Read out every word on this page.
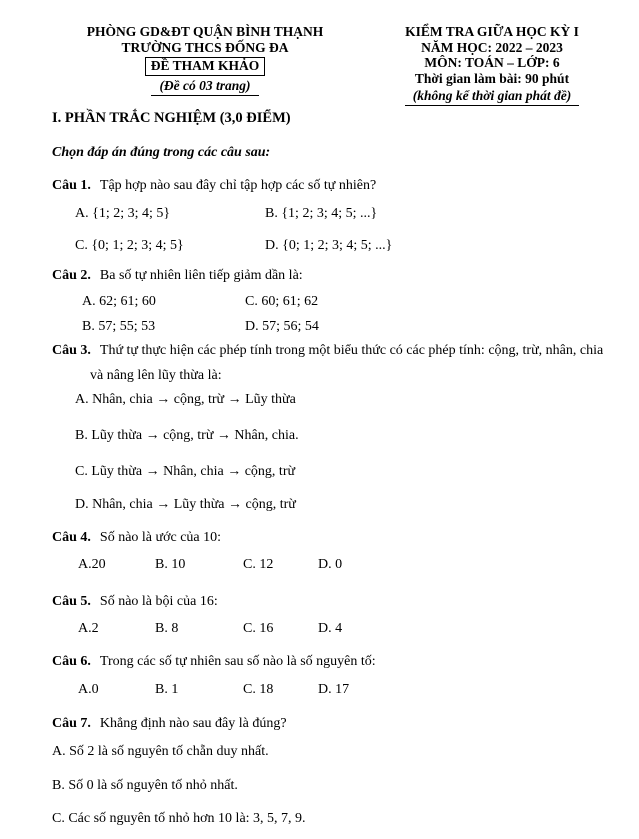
PHÒNG GD&ĐT QUẬN BÌNH THẠNH
TRƯỜNG THCS ĐỐNG ĐA
ĐỀ THAM KHẢO
(Đề có 03 trang)
KIỂM TRA GIỮA HỌC KỲ I
NĂM HỌC: 2022 – 2023
MÔN: TOÁN – LỚP: 6
Thời gian làm bài: 90 phút
(không kể thời gian phát đề)

I. PHẦN TRẮC NGHIỆM (3,0 ĐIỂM)

Chọn đáp án đúng trong các câu sau:

Câu 1. Tập hợp nào sau đây chỉ tập hợp các số tự nhiên?

A. {1; 2; 3; 4; 5}	B. {1; 2; 3; 4; 5; ...}
C. {0; 1; 2; 3; 4; 5}	D. {0; 1; 2; 3; 4; 5; ...}

Câu 2. Ba số tự nhiên liên tiếp giảm dần là:

A. 62; 61; 60	C. 60; 61; 62
B. 57; 55; 53	D. 57; 56; 54
Câu 3. Thứ tự thực hiện các phép tính trong một biểu thức có các phép tính: cộng, trừ, nhân, chia
và nâng lên lũy thừa là:
A. Nhân, chia → cộng, trừ → Lũy thừa
B. Lũy thừa → cộng, trừ → Nhân, chia.
C. Lũy thừa → Nhân, chia → cộng, trừ
D. Nhân, chia → Lũy thừa → cộng, trừ

Câu 4. Số nào là ước của 10:

A.20	B. 10	C. 12	D. 0

Câu 5. Số nào là bội của 16:

A.2	B. 8	C. 16	D. 4

Câu 6. Trong các số tự nhiên sau số nào là số nguyên tố:

A.0	B. 1	C. 18	D. 17

Câu 7. Khẳng định nào sau đây là đúng?

A. Số 2 là số nguyên tố chẵn duy nhất.
B. Số 0 là số nguyên tố nhỏ nhất.
C. Các số nguyên tố nhỏ hơn 10 là: 3, 5, 7, 9.
